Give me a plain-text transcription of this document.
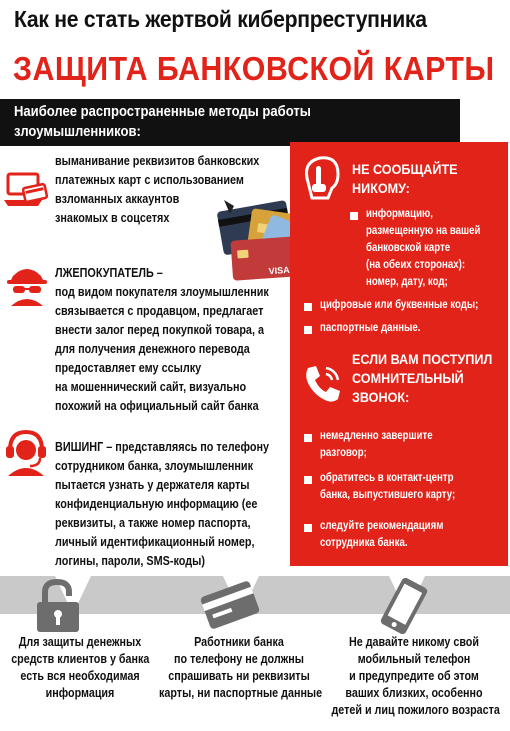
Как не стать жертвой киберпреступника
ЗАЩИТА БАНКОВСКОЙ КАРТЫ
Наиболее распространенные методы работы
злоумышленников:
выманивание реквизитов банковских
платежных карт с использованием
взломанных аккаунтов
знакомых в соцсетях
VISA
ЛЖЕПОКУПАТЕЛЬ –
под видом покупателя злоумышленник
связывается с продавцом, предлагает
внести залог перед покупкой товара, а
для получения денежного перевода
предоставляет ему ссылку
на мошеннический сайт, визуально
похожий на официальный сайт банка
ВИШИНГ – представляясь по телефону
сотрудником банка, злоумышленник
пытается узнать у держателя карты
конфиденциальную информацию (ее
реквизиты, а также номер паспорта,
личный идентификационный номер,
логины, пароли, SMS-коды)
НЕ СООБЩАЙТЕ
НИКОМУ:
информацию,
размещенную на вашей
банковской карте
(на обеих сторонах):
номер, дату, код;
цифровые или буквенные коды;
паспортные данные.
ЕСЛИ ВАМ ПОСТУПИЛ
СОМНИТЕЛЬНЫЙ
ЗВОНОК:
немедленно завершите
разговор;
обратитесь в контакт-центр
банка, выпустившего карту;
следуйте рекомендациям
сотрудника банка.
Для защиты денежных
средств клиентов у банка
есть вся необходимая
информация
Работники банка
по телефону не должны
спрашивать ни реквизиты
карты, ни паспортные данные
Не давайте никому свой
мобильный телефон
и предупредите об этом
ваших близких, особенно
детей и лиц пожилого возраста
